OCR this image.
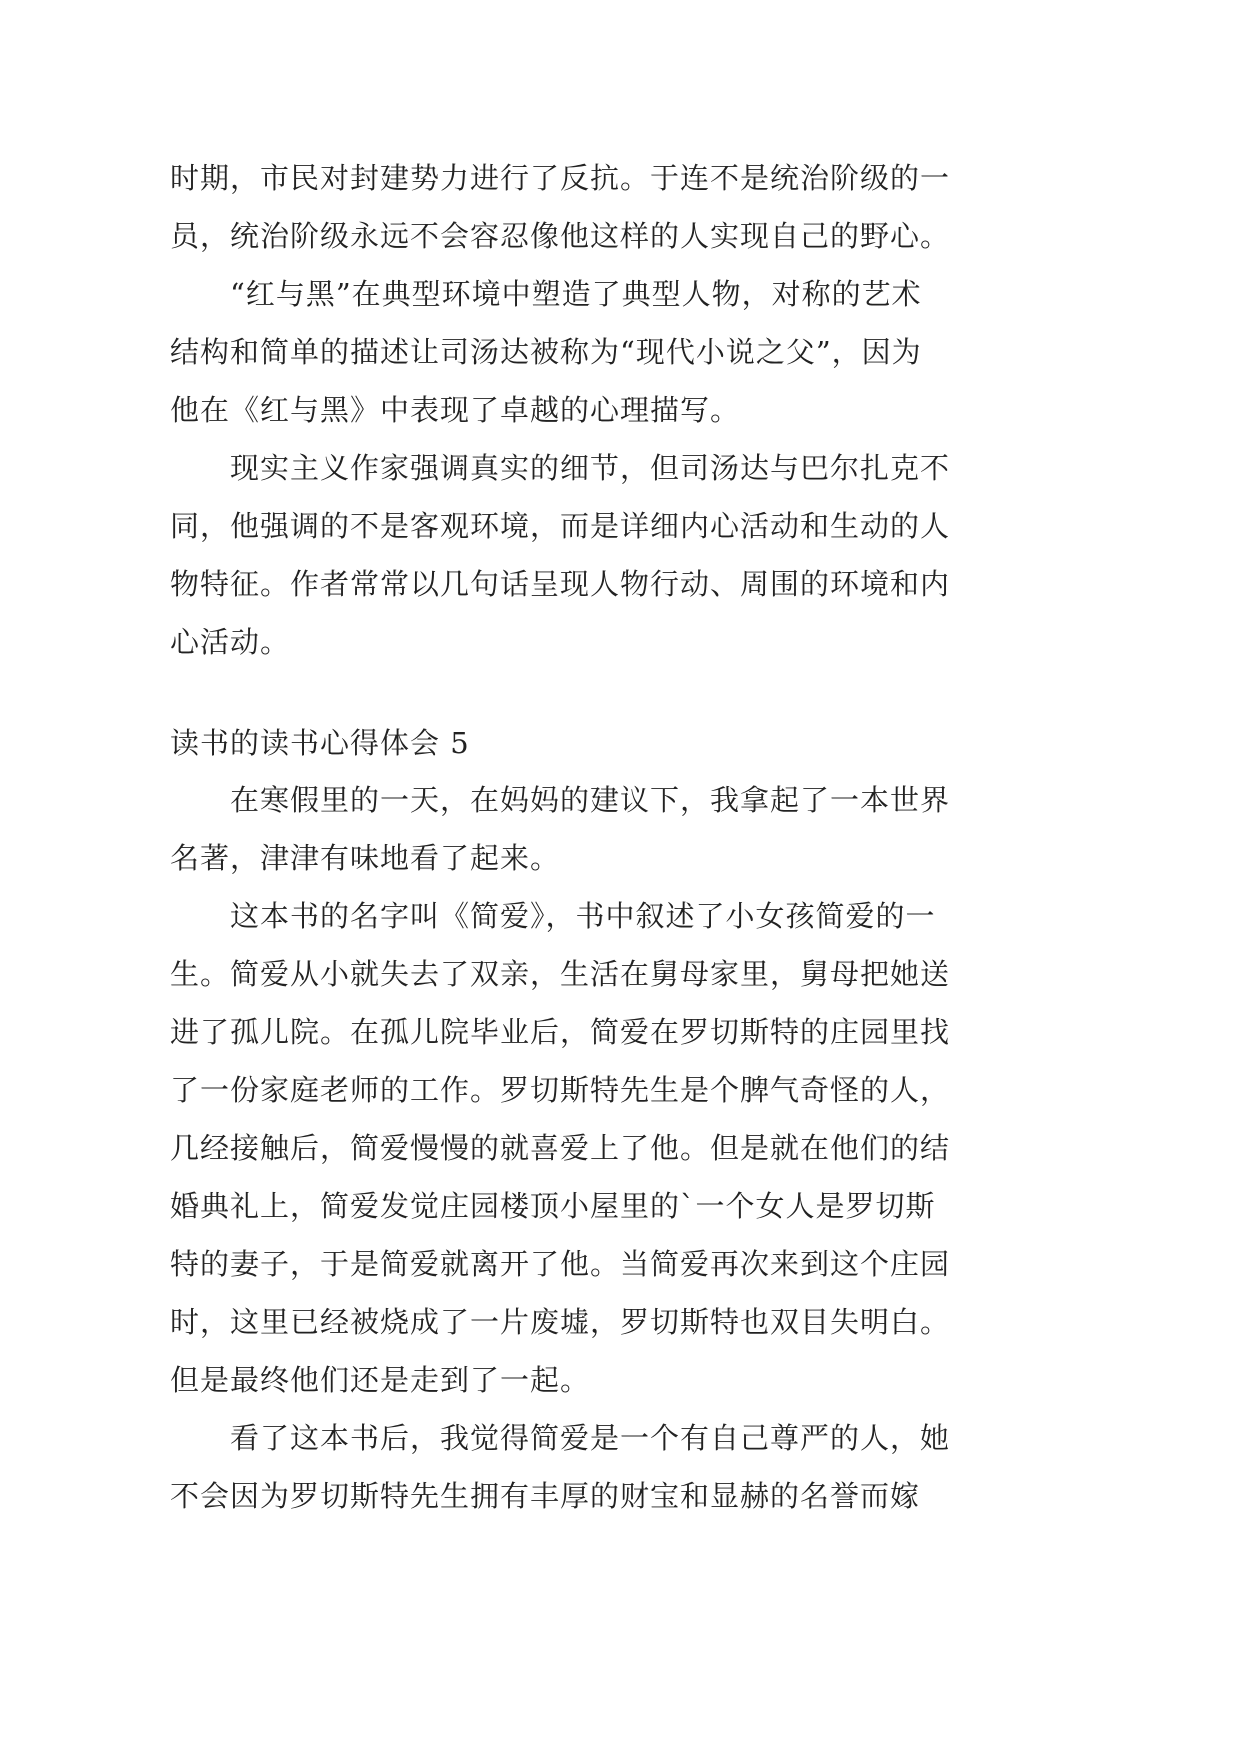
时期，市民对封建势力进行了反抗。于连不是统治阶级的一
员，统治阶级永远不会容忍像他这样的人实现自己的野心。
“红与黑”在典型环境中塑造了典型人物，对称的艺术
结构和简单的描述让司汤达被称为“现代小说之父”，因为
他在《红与黑》中表现了卓越的心理描写。
现实主义作家强调真实的细节，但司汤达与巴尔扎克不
同，他强调的不是客观环境，而是详细内心活动和生动的人
物特征。作者常常以几句话呈现人物行动、周围的环境和内
心活动。
读书的读书心得体会 5
在寒假里的一天，在妈妈的建议下，我拿起了一本世界
名著，津津有味地看了起来。
这本书的名字叫《简爱》，书中叙述了小女孩简爱的一
生。简爱从小就失去了双亲，生活在舅母家里，舅母把她送
进了孤儿院。在孤儿院毕业后，简爱在罗切斯特的庄园里找
了一份家庭老师的工作。罗切斯特先生是个脾气奇怪的人，
几经接触后，简爱慢慢的就喜爱上了他。但是就在他们的结
婚典礼上，简爱发觉庄园楼顶小屋里的`一个女人是罗切斯
特的妻子，于是简爱就离开了他。当简爱再次来到这个庄园
时，这里已经被烧成了一片废墟，罗切斯特也双目失明白。
但是最终他们还是走到了一起。
看了这本书后，我觉得简爱是一个有自己尊严的人，她
不会因为罗切斯特先生拥有丰厚的财宝和显赫的名誉而嫁
